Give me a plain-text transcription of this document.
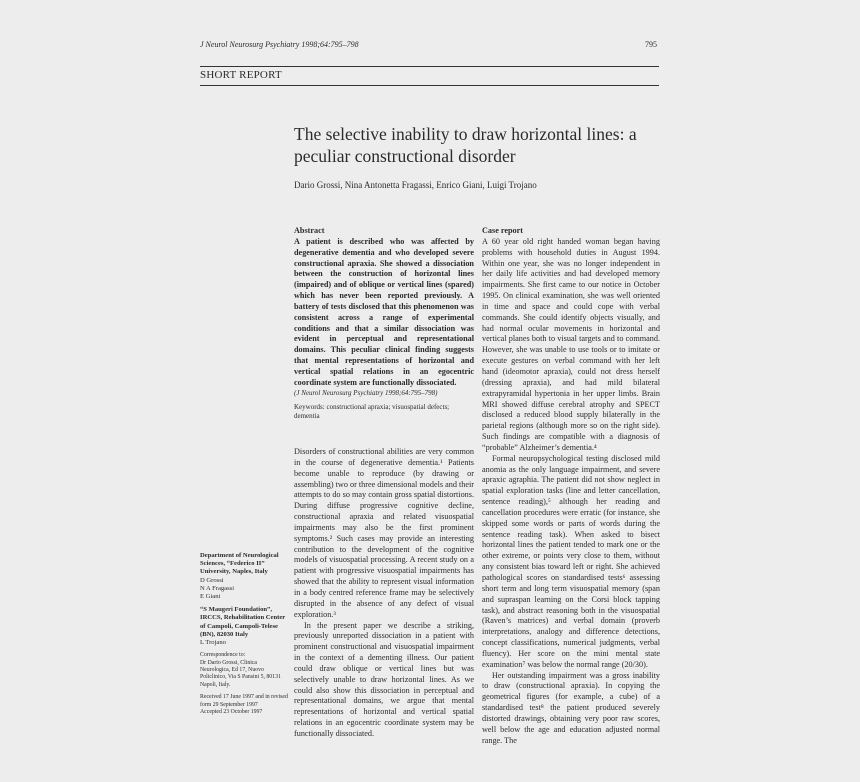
J Neurol Neurosurg Psychiatry 1998;64:795–798	795
SHORT REPORT
The selective inability to draw horizontal lines: a peculiar constructional disorder
Dario Grossi, Nina Antonetta Fragassi, Enrico Giani, Luigi Trojano

Abstract

A patient is described who was affected by degenerative dementia and who developed severe constructional apraxia. She showed a dissociation between the construction of horizontal lines (impaired) and of oblique or vertical lines (spared) which has never been reported previously. A battery of tests disclosed that this phenomenon was consistent across a range of experimental conditions and that a similar dissociation was evident in perceptual and representational domains. This peculiar clinical finding suggests that mental representations of horizontal and vertical spatial relations in an egocentric coordinate system are functionally dissociated.

(J Neurol Neurosurg Psychiatry 1998;64:795–798)

Keywords: constructional apraxia; visuospatial defects; dementia

Disorders of constructional abilities are very common in the course of degenerative dementia.¹ Patients become unable to reproduce (by drawing or assembling) two or three dimensional models and their attempts to do so may contain gross spatial distortions. During diffuse progressive cognitive decline, constructional apraxia and related visuospatial impairments may also be the first prominent symptoms.² Such cases may provide an interesting contribution to the development of the cognitive models of visuospatial processing. A recent study on a patient with progressive visuospatial impairments has showed that the ability to represent visual information in a body centred reference frame may be selectively disrupted in the absence of any defect of visual exploration.³

In the present paper we describe a striking, previously unreported dissociation in a patient with prominent constructional and visuospatial impairment in the context of a dementing illness. Our patient could draw oblique or vertical lines but was selectively unable to draw horizontal lines. As we could also show this dissociation in perceptual and representational domains, we argue that mental representations of horizontal and vertical spatial relations in an egocentric coordinate system may be functionally dissociated.

Department of Neurological Sciences, “Federico II” University, Naples, Italy
D Grossi
N A Fragassi
E Giani
“S Maugeri Foundation”, IRCCS, Rehabilitation Center of Campoli, Campoli-Telese (BN), 82030 Italy
L Trojano
Correspondence to:
Dr Dario Grossi, Clinica Neurologica, Ed 17, Nuovo Policlinico, Via S Pansini 5, 80131 Napoli, Italy.
Received 17 June 1997 and in revised form 29 September 1997
Accepted 23 October 1997

Case report

A 60 year old right handed woman began having problems with household duties in August 1994. Within one year, she was no longer independent in her daily life activities and had developed memory impairments. She first came to our notice in October 1995. On clinical examination, she was well oriented in time and space and could cope with verbal commands. She could identify objects visually, and had normal ocular movements in horizontal and vertical planes both to visual targets and to command. However, she was unable to use tools or to imitate or execute gestures on verbal command with her left hand (ideomotor apraxia), could not dress herself (dressing apraxia), and had mild bilateral extrapyramidal hypertonia in her upper limbs. Brain MRI showed diffuse cerebral atrophy and SPECT disclosed a reduced blood supply bilaterally in the parietal regions (although more so on the right side). Such findings are compatible with a diagnosis of “probable” Alzheimer’s dementia.⁴

Formal neuropsychological testing disclosed mild anomia as the only language impairment, and severe apraxic agraphia. The patient did not show neglect in spatial exploration tasks (line and letter cancellation, sentence reading),⁵ although her reading and cancellation procedures were erratic (for instance, she skipped some words or parts of words during the sentence reading task). When asked to bisect horizontal lines the patient tended to mark one or the other extreme, or points very close to them, without any consistent bias toward left or right. She achieved pathological scores on standardised tests⁶ assessing short term and long term visuospatial memory (span and supraspan learning on the Corsi block tapping task), and abstract reasoning both in the visuospatial (Raven’s matrices) and verbal domain (proverb interpretations, analogy and difference detections, concept classifications, numerical judgments, verbal fluency). Her score on the mini mental state examination⁷ was below the normal range (20/30).

Her outstanding impairment was a gross inability to draw (constructional apraxia). In copying the geometrical figures (for example, a cube) of a standardised test⁸ the patient produced severely distorted drawings, obtaining very poor raw scores, well below the age and education adjusted normal range. The
